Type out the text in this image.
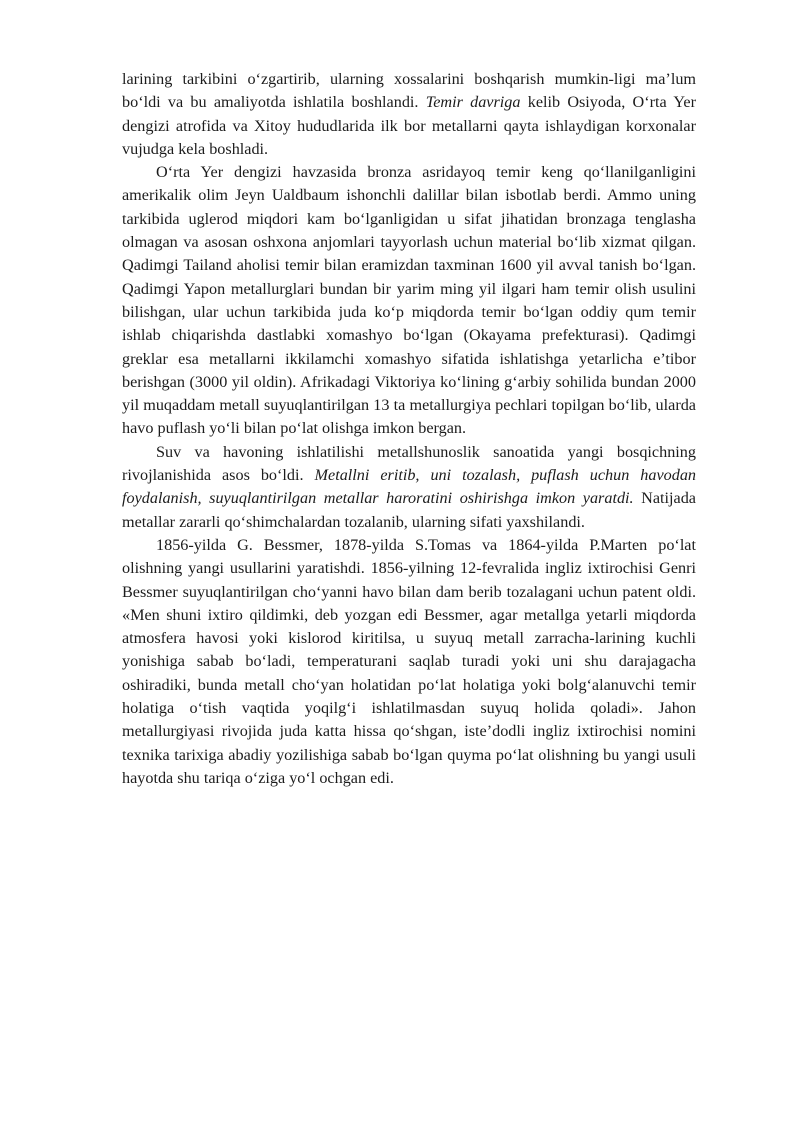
larining tarkibini o‘zgartirib, ularning xossalarini boshqarish mumkin-ligi ma’lum bo‘ldi va bu amaliyotda ishlatila boshlandi. Temir davriga kelib Osiyoda, O‘rta Yer dengizi atrofida va Xitoy hududlarida ilk bor metallarni qayta ishlaydigan korxonalar vujudga kela boshladi.

O‘rta Yer dengizi havzasida bronza asridayoq temir keng qo‘llanilganligini amerikalik olim Jeyn Ualdbaum ishonchli dalillar bilan isbotlab berdi. Ammo uning tarkibida uglerod miqdori kam bo‘lganligidan u sifat jihatidan bronzaga tenglasha olmagan va asosan oshxona anjomlari tayyorlash uchun material bo‘lib xizmat qilgan. Qadimgi Tailand aholisi temir bilan eramizdan taxminan 1600 yil avval tanish bo‘lgan. Qadimgi Yapon metallurglari bundan bir yarim ming yil ilgari ham temir olish usulini bilishgan, ular uchun tarkibida juda ko‘p miqdorda temir bo‘lgan oddiy qum temir ishlab chiqarishda dastlabki xomashyo bo‘lgan (Okayama prefekturasi). Qadimgi greklar esa metallarni ikkilamchi xomashyo sifatida ishlatishga yetarlicha e’tibor berishgan (3000 yil oldin). Afrikadagi Viktoriya ko‘lining g‘arbiy sohilida bundan 2000 yil muqaddam metall suyuqlantirilgan 13 ta metallurgiya pechlari topilgan bo‘lib, ularda havo puflash yo‘li bilan po‘lat olishga imkon bergan.

Suv va havoning ishlatilishi metallshunoslik sanoatida yangi bosqichning rivojlanishida asos bo‘ldi. Metallni eritib, uni tozalash, puflash uchun havodan foydalanish, suyuqlantirilgan metallar haroratini oshirishga imkon yaratdi. Natijada metallar zararli qo‘shimchalardan tozalanib, ularning sifati yaxshilandi.

1856-yilda G. Bessmer, 1878-yilda S.Tomas va 1864-yilda P.Marten po‘lat olishning yangi usullarini yaratishdi. 1856-yilning 12-fevralida ingliz ixtirochisi Genri Bessmer suyuqlantirilgan cho‘yanni havo bilan dam berib tozalagani uchun patent oldi. «Men shuni ixtiro qildimki, deb yozgan edi Bessmer, agar metallga yetarli miqdorda atmosfera havosi yoki kislorod kiritilsa, u suyuq metall zarracha-larining kuchli yonishiga sabab bo‘ladi, temperaturani saqlab turadi yoki uni shu darajagacha oshiradiki, bunda metall cho‘yan holatidan po‘lat holatiga yoki bolg‘alanuvchi temir holatiga o‘tish vaqtida yoqilg‘i ishlatilmasdan suyuq holida qoladi». Jahon metallurgiyasi rivojida juda katta hissa qo‘shgan, iste’dodli ingliz ixtirochisi nomini texnika tarixiga abadiy yozilishiga sabab bo‘lgan quyma po‘lat olishning bu yangi usuli hayotda shu tariqa o‘ziga yo‘l ochgan edi.
